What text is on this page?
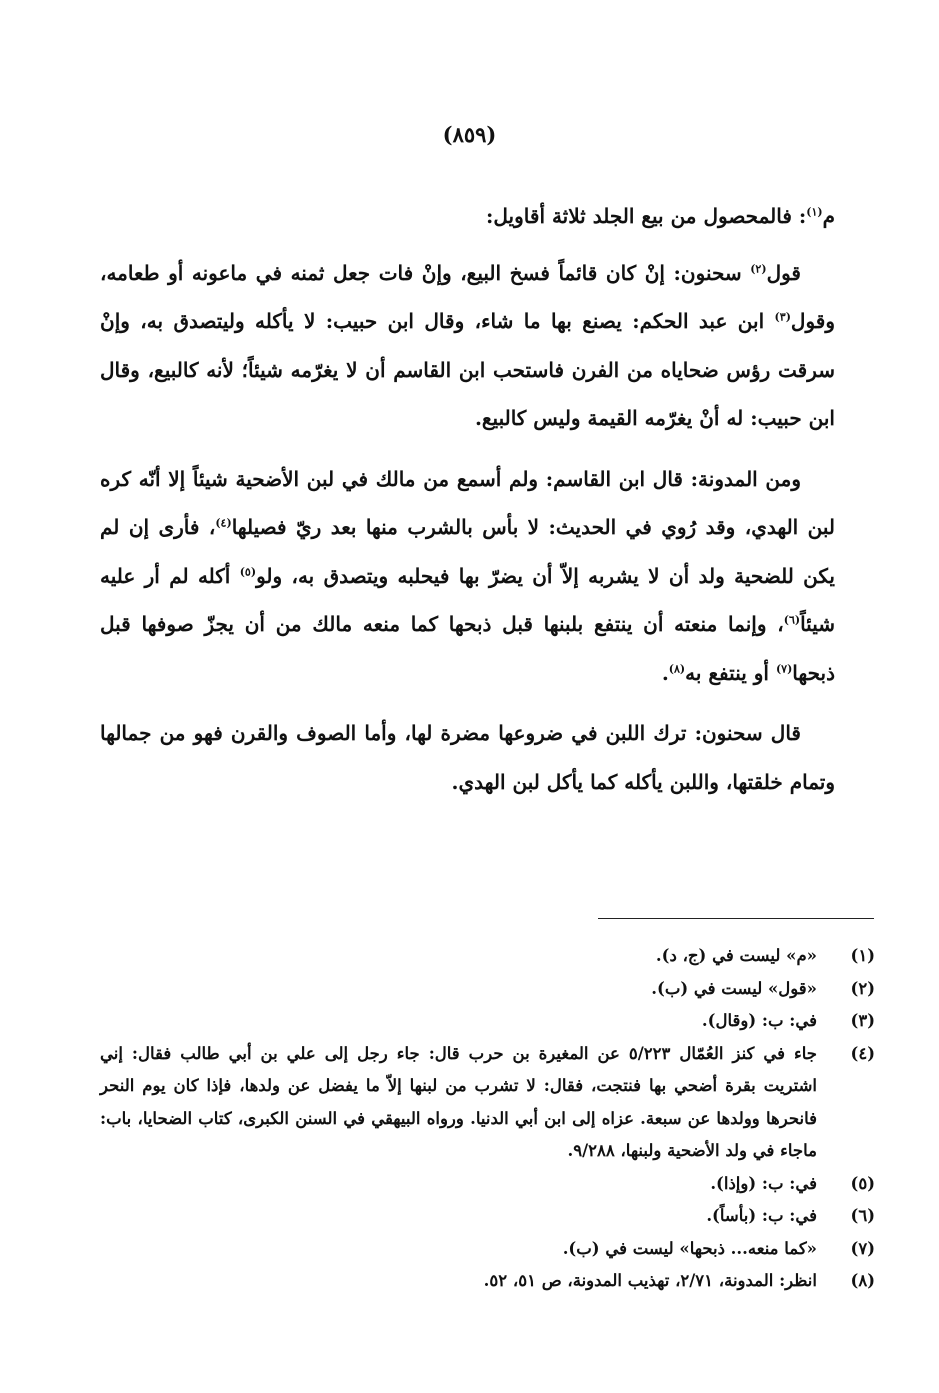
(٨٥٩)

م$^{(١)}$: فالمحصول من بيع الجلد ثلاثة أقاويل:

قول$^{(٢)}$ سحنون: إنْ كان قائماً فسخ البيع، وإنْ فات جعل ثمنه في ماعونه أو طعامه، وقول$^{(٣)}$ ابن عبد الحكم: يصنع بها ما شاء، وقال ابن حبيب: لا يأكله وليتصدق به، وإنْ سرقت رؤس ضحاياه من الفرن فاستحب ابن القاسم أن لا يغرّمه شيئاً؛ لأنه كالبيع، وقال ابن حبيب: له أنْ يغرّمه القيمة وليس كالبيع.

ومن المدونة: قال ابن القاسم: ولم أسمع من مالك في لبن الأضحية شيئاً إلا أنّه كره لبن الهدي، وقد رُوي في الحديث: لا بأس بالشرب منها بعد ريّ فصيلها$^{(٤)}$، فأرى إن لم يكن للضحية ولد أن لا يشربه إلاّ أن يضرّ بها فيحلبه ويتصدق به، ولو$^{(٥)}$ أكله لم أر عليه شيئاً$^{(٦)}$، وإنما منعته أن ينتفع بلبنها قبل ذبحها كما منعه مالك من أن يجزّ صوفها قبل ذبحها$^{(٧)}$ أو ينتفع به$^{(٨)}$.

قال سحنون: ترك اللبن في ضروعها مضرة لها، وأما الصوف والقرن فهو من جمالها وتمام خلقتها، واللبن يأكله كما يأكل لبن الهدي.

(١)
«م» ليست في (ج، د).
(٢)
«قول» ليست في (ب).
(٣)
في: ب: (وقال).
(٤)
جاء في كنز العُمّال ٥/٢٢٣ عن المغيرة بن حرب قال: جاء رجل إلى علي بن أبي طالب فقال: إني اشتريت بقرة أضحي بها فنتجت، فقال: لا تشرب من لبنها إلاّ ما يفضل عن ولدها، فإذا كان يوم النحر فانحرها وولدها عن سبعة. عزاه إلى ابن أبي الدنيا. ورواه البيهقي في السنن الكبرى، كتاب الضحايا، باب: ماجاء في ولد الأضحية ولبنها، ٩/٢٨٨.
(٥)
في: ب: (وإذا).
(٦)
في: ب: (بأساً).
(٧)
«كما منعه... ذبحها» ليست في (ب).
(٨)
انظر: المدونة، ٢/٧١، تهذيب المدونة، ص ٥١، ٥٢.
